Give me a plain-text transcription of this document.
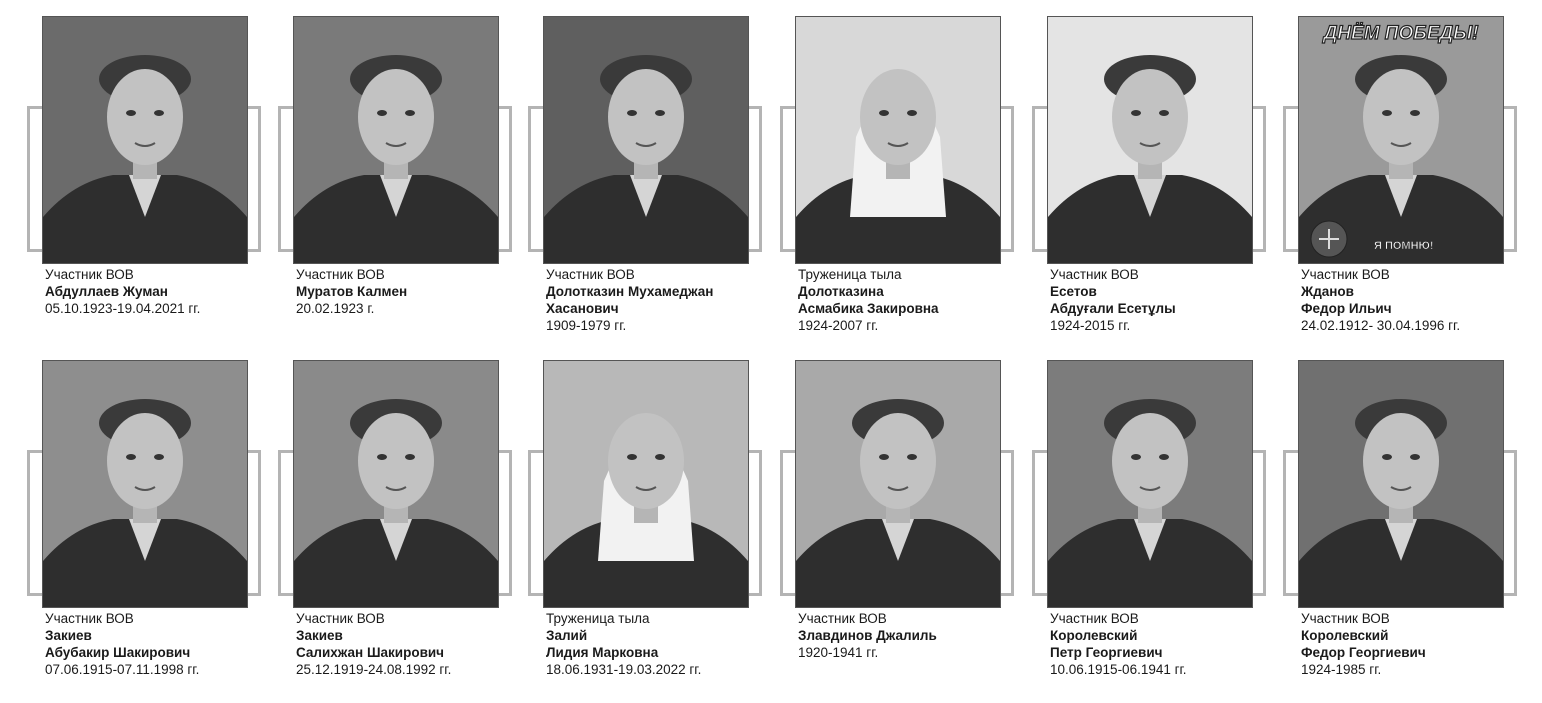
Участник ВОВ
Абдуллаев Жуман
05.10.1923-19.04.2021 гг.
Участник ВОВ
Муратов Калмен
20.02.1923 г.
Участник ВОВ
Долотказин Мухамеджан
Хасанович
1909-1979 гг.
Труженица тыла
Долотказина
Асмабика Закировна
1924-2007 гг.
Участник ВОВ
Есетов
Абдуғали Есетұлы
1924-2015 гг.
ДНЁМ ПОБЕДЫ!
Я ПОМНЮ!
Участник ВОВ
Жданов
Федор Ильич
24.02.1912- 30.04.1996 гг.
Участник ВОВ
Закиев
Абубакир Шакирович
07.06.1915-07.11.1998 гг.
Участник ВОВ
Закиев
Салихжан Шакирович
25.12.1919-24.08.1992 гг.
Труженица тыла
Залий
Лидия Марковна
18.06.1931-19.03.2022 гг.
Участник ВОВ
Злавдинов Джалиль
1920-1941 гг.
Участник ВОВ
Королевский
Петр Георгиевич
10.06.1915-06.1941 гг.
Участник ВОВ
Королевский
Федор Георгиевич
1924-1985 гг.
